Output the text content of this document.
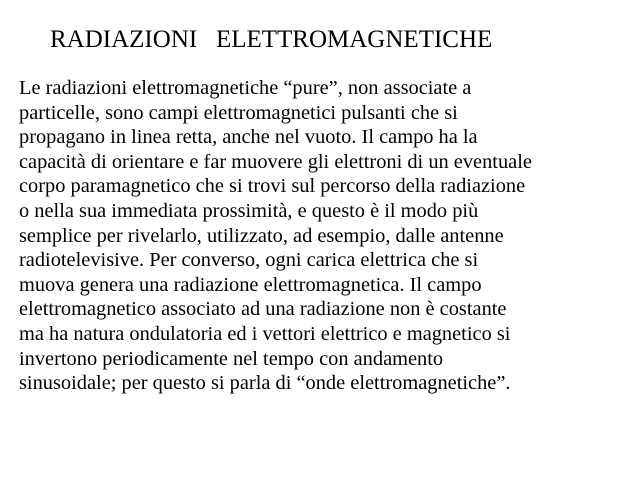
RADIAZIONI   ELETTROMAGNETICHE

Le radiazioni elettromagnetiche “pure”, non associate a
particelle, sono campi elettromagnetici pulsanti che si
propagano in linea retta, anche nel vuoto. Il campo ha la
capacità di orientare e far muovere gli elettroni di un eventuale
corpo paramagnetico che si trovi sul percorso della radiazione
o nella sua immediata prossimità, e questo è il modo più
semplice per rivelarlo, utilizzato, ad esempio, dalle antenne
radiotelevisive. Per converso, ogni carica elettrica che si
muova genera una radiazione elettromagnetica. Il campo
elettromagnetico associato ad una radiazione non è costante
ma ha natura ondulatoria ed i vettori elettrico e magnetico si
invertono periodicamente nel tempo con andamento
sinusoidale; per questo si parla di “onde elettromagnetiche”.
